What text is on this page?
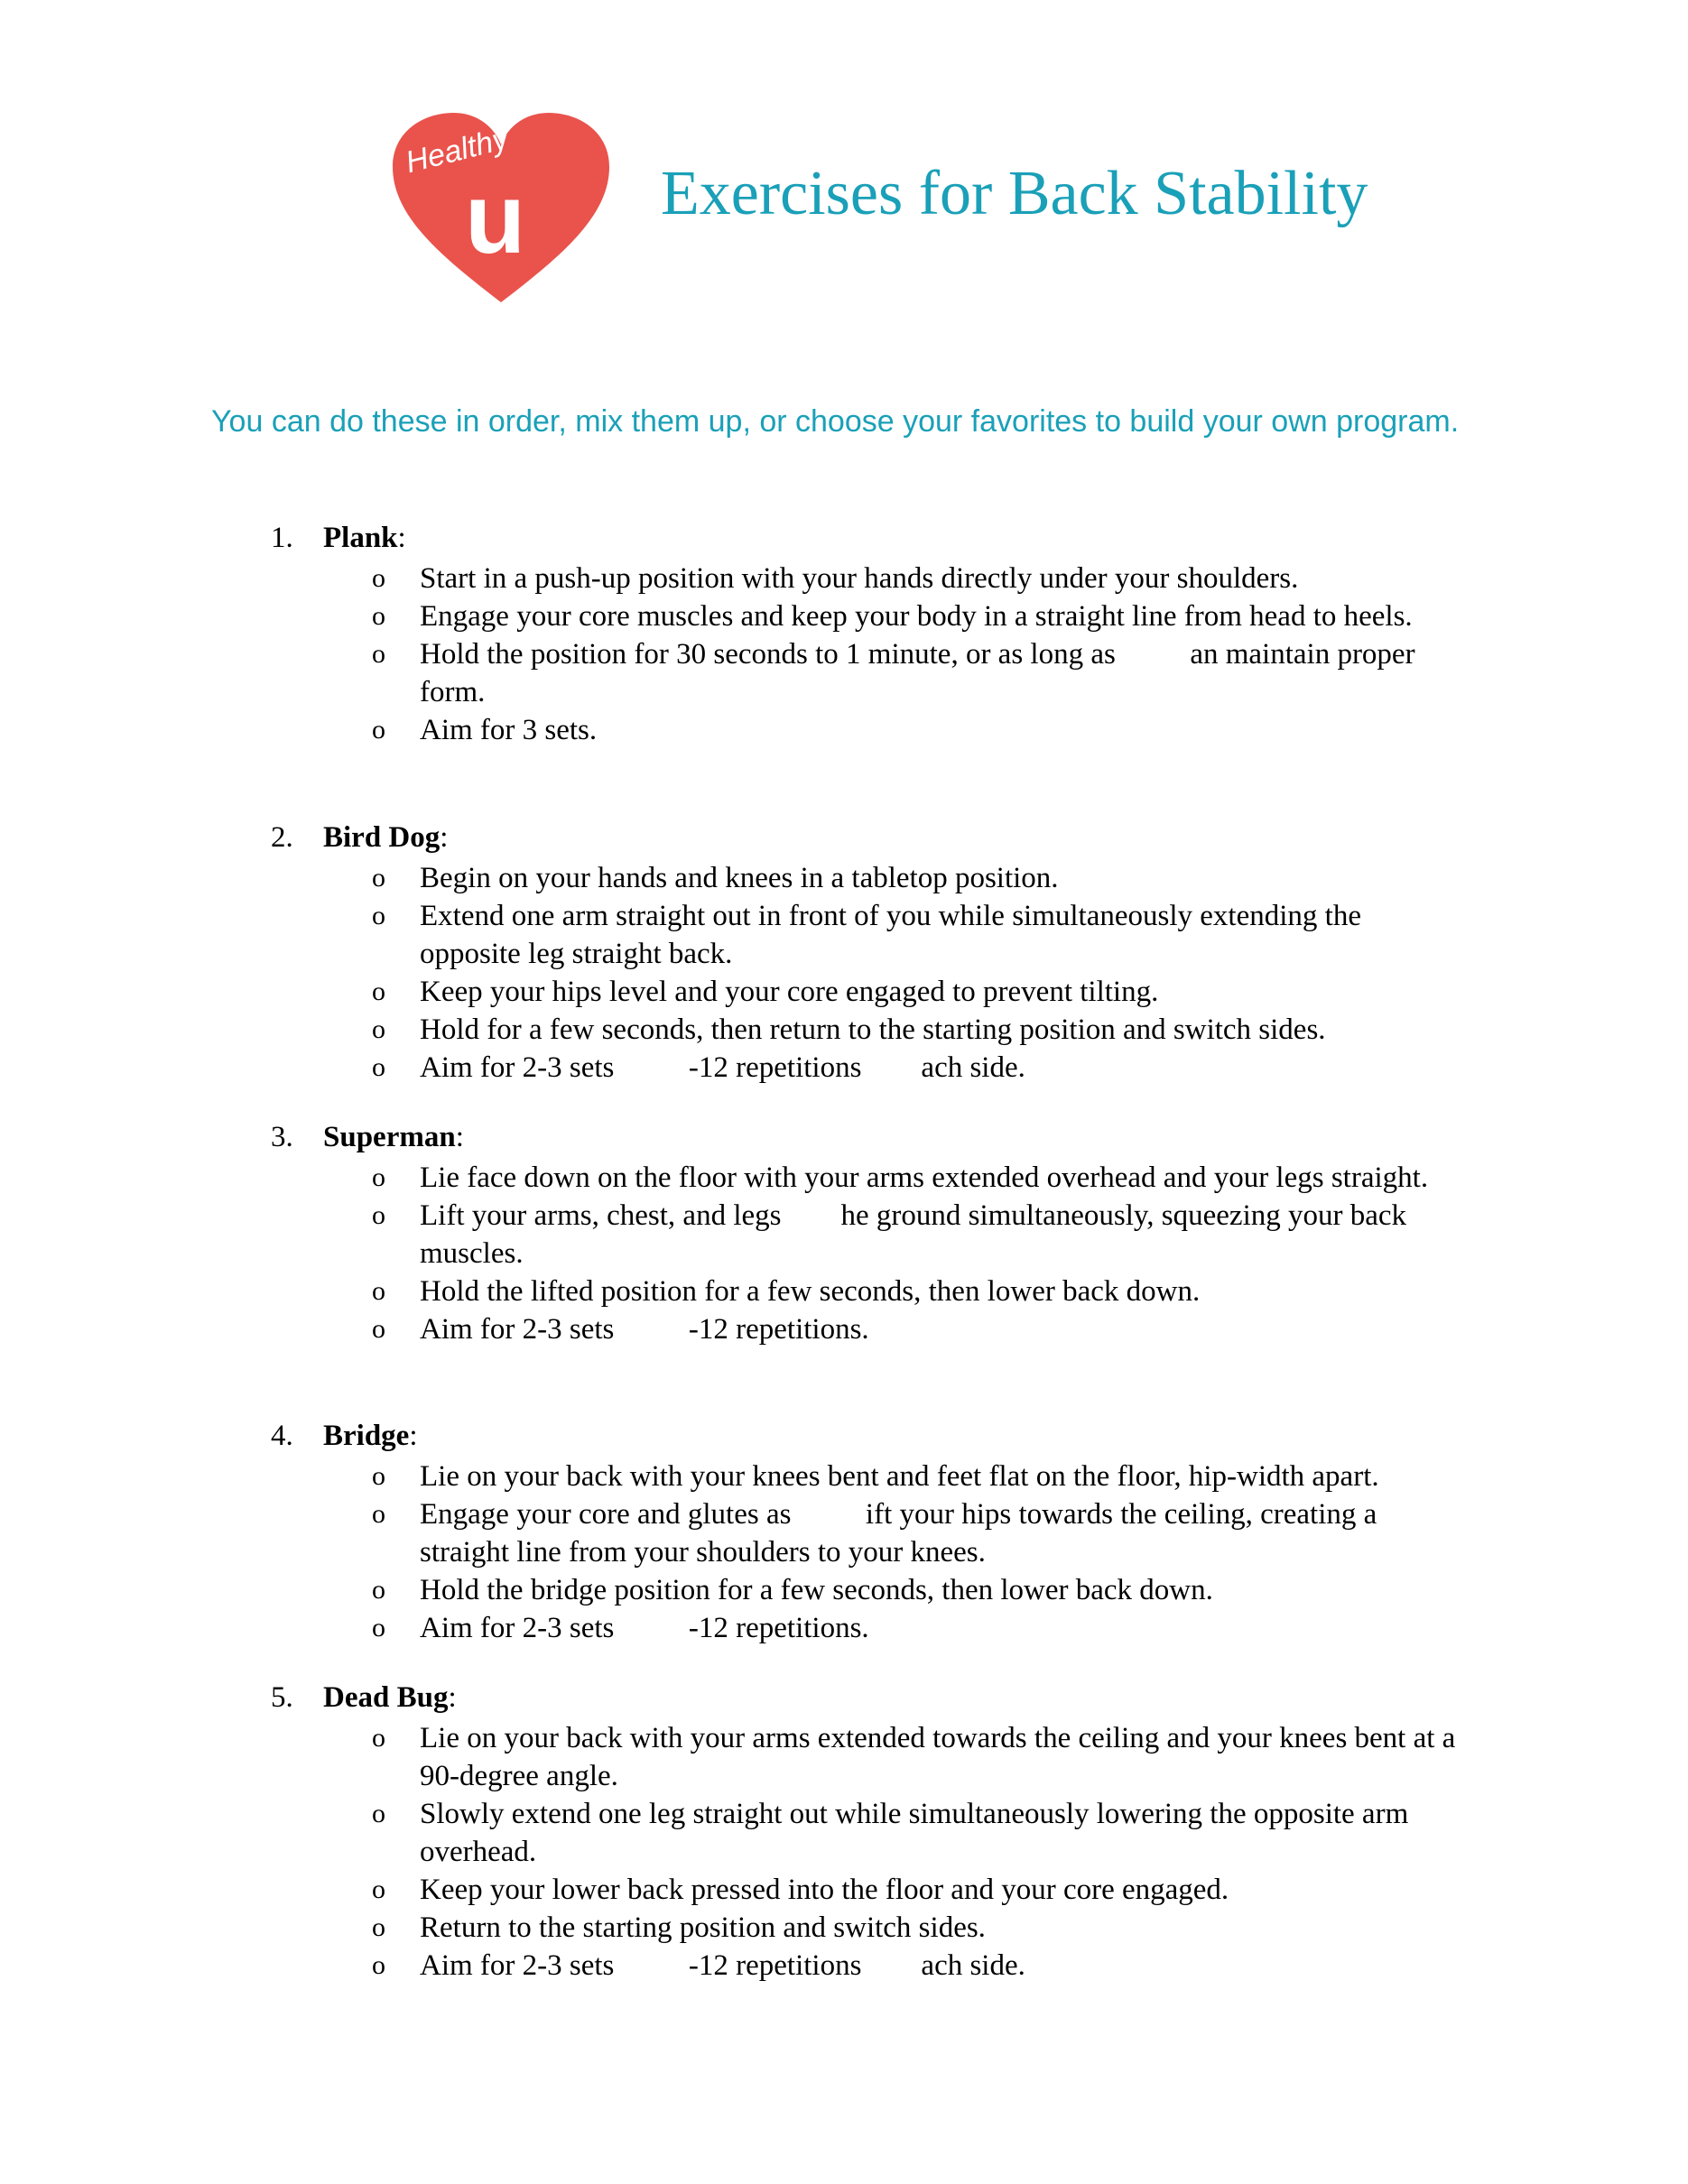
Healthy
u Exercises for Back Stability
You can do these in order, mix them up, or choose your favorites to build your own program.
1. Plank:
o Start in a push-up position with your hands directly under your shoulders.
o Engage your core muscles and keep your body in a straight line from head to heels.
o Hold the position for 30 seconds to 1 minute, or as long as          an maintain proper form.
o Aim for 3 sets.
2. Bird Dog:
o Begin on your hands and knees in a tabletop position.
o Extend one arm straight out in front of you while simultaneously extending the opposite leg straight back.
o Keep your hips level and your core engaged to prevent tilting.
o Hold for a few seconds, then return to the starting position and switch sides.
o Aim for 2-3 sets          -12 repetitions        ach side.
3. Superman:
o Lie face down on the floor with your arms extended overhead and your legs straight.
o Lift your arms, chest, and legs        he ground simultaneously, squeezing your back muscles.
o Hold the lifted position for a few seconds, then lower back down.
o Aim for 2-3 sets          -12 repetitions.
4. Bridge:
o Lie on your back with your knees bent and feet flat on the floor, hip-width apart.
o Engage your core and glutes as          ift your hips towards the ceiling, creating a straight line from your shoulders to your knees.
o Hold the bridge position for a few seconds, then lower back down.
o Aim for 2-3 sets          -12 repetitions.
5. Dead Bug:
o Lie on your back with your arms extended towards the ceiling and your knees bent at a 90-degree angle.
o Slowly extend one leg straight out while simultaneously lowering the opposite arm overhead.
o Keep your lower back pressed into the floor and your core engaged.
o Return to the starting position and switch sides.
o Aim for 2-3 sets          -12 repetitions        ach side.
